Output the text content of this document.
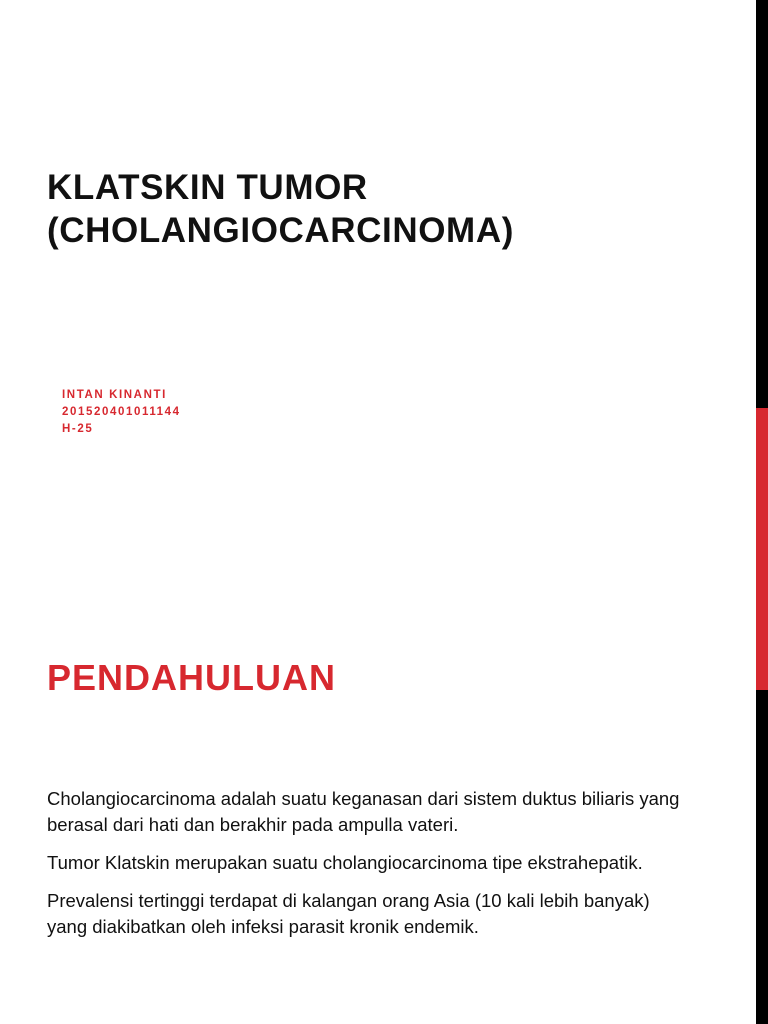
KLATSKIN TUMOR
(CHOLANGIOCARCINOMA)
INTAN KINANTI
201520401011144
H-25
PENDAHULUAN

Cholangiocarcinoma adalah suatu keganasan dari sistem duktus biliaris yang berasal dari hati dan berakhir pada ampulla vateri.

Tumor Klatskin merupakan suatu cholangiocarcinoma tipe ekstrahepatik.

Prevalensi tertinggi terdapat di kalangan orang Asia (10 kali lebih banyak) yang diakibatkan oleh infeksi parasit kronik endemik.
